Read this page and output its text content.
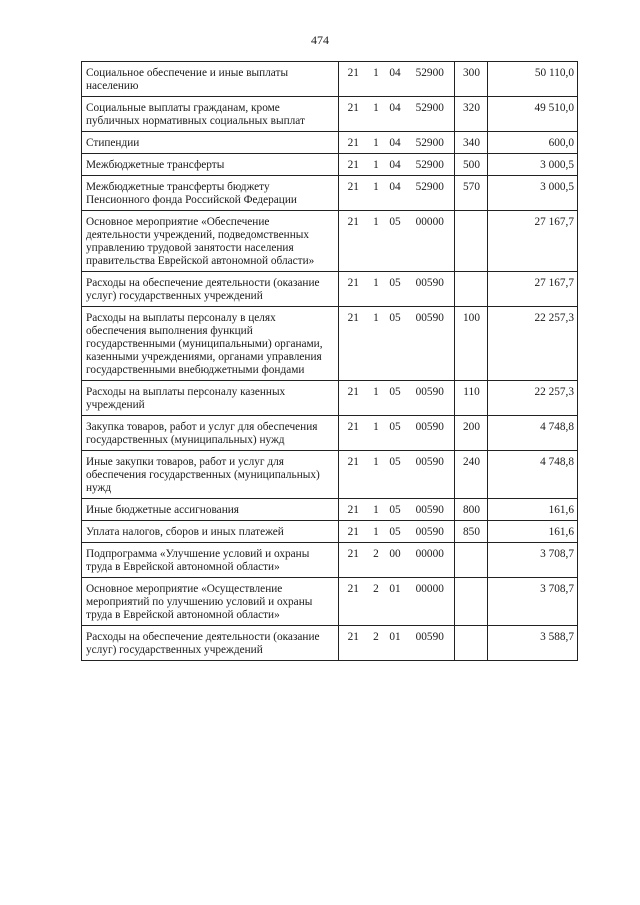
474
Социальное обеспечение и иные выплаты населению	21	1	04	52900	300	50 110,0
Социальные выплаты гражданам, кроме публичных нормативных социальных выплат	21	1	04	52900	320	49 510,0
Стипендии	21	1	04	52900	340	600,0
Межбюджетные трансферты	21	1	04	52900	500	3 000,5
Межбюджетные трансферты бюджету Пенсионного фонда Российской Федерации	21	1	04	52900	570	3 000,5
Основное мероприятие «Обеспечение деятельности учреждений, подведомственных управлению трудовой занятости населения правительства Еврейской автономной области»	21	1	05	00000		27 167,7
Расходы на обеспечение деятельности (оказание услуг) государственных учреждений	21	1	05	00590		27 167,7
Расходы на выплаты персоналу в целях обеспечения выполнения функций государственными (муниципальными) органами, казенными учреждениями, органами управления государственными внебюджетными фондами	21	1	05	00590	100	22 257,3
Расходы на выплаты персоналу казенных учреждений	21	1	05	00590	110	22 257,3
Закупка товаров, работ и услуг для обеспечения государственных (муниципальных) нужд	21	1	05	00590	200	4 748,8
Иные закупки товаров, работ и услуг для обеспечения государственных (муниципальных) нужд	21	1	05	00590	240	4 748,8
Иные бюджетные ассигнования	21	1	05	00590	800	161,6
Уплата налогов, сборов и иных платежей	21	1	05	00590	850	161,6
Подпрограмма «Улучшение условий и охраны труда в Еврейской автономной области»	21	2	00	00000		3 708,7
Основное мероприятие «Осуществление мероприятий по улучшению условий и охраны труда в Еврейской автономной области»	21	2	01	00000		3 708,7
Расходы на обеспечение деятельности (оказание услуг) государственных учреждений	21	2	01	00590		3 588,7
